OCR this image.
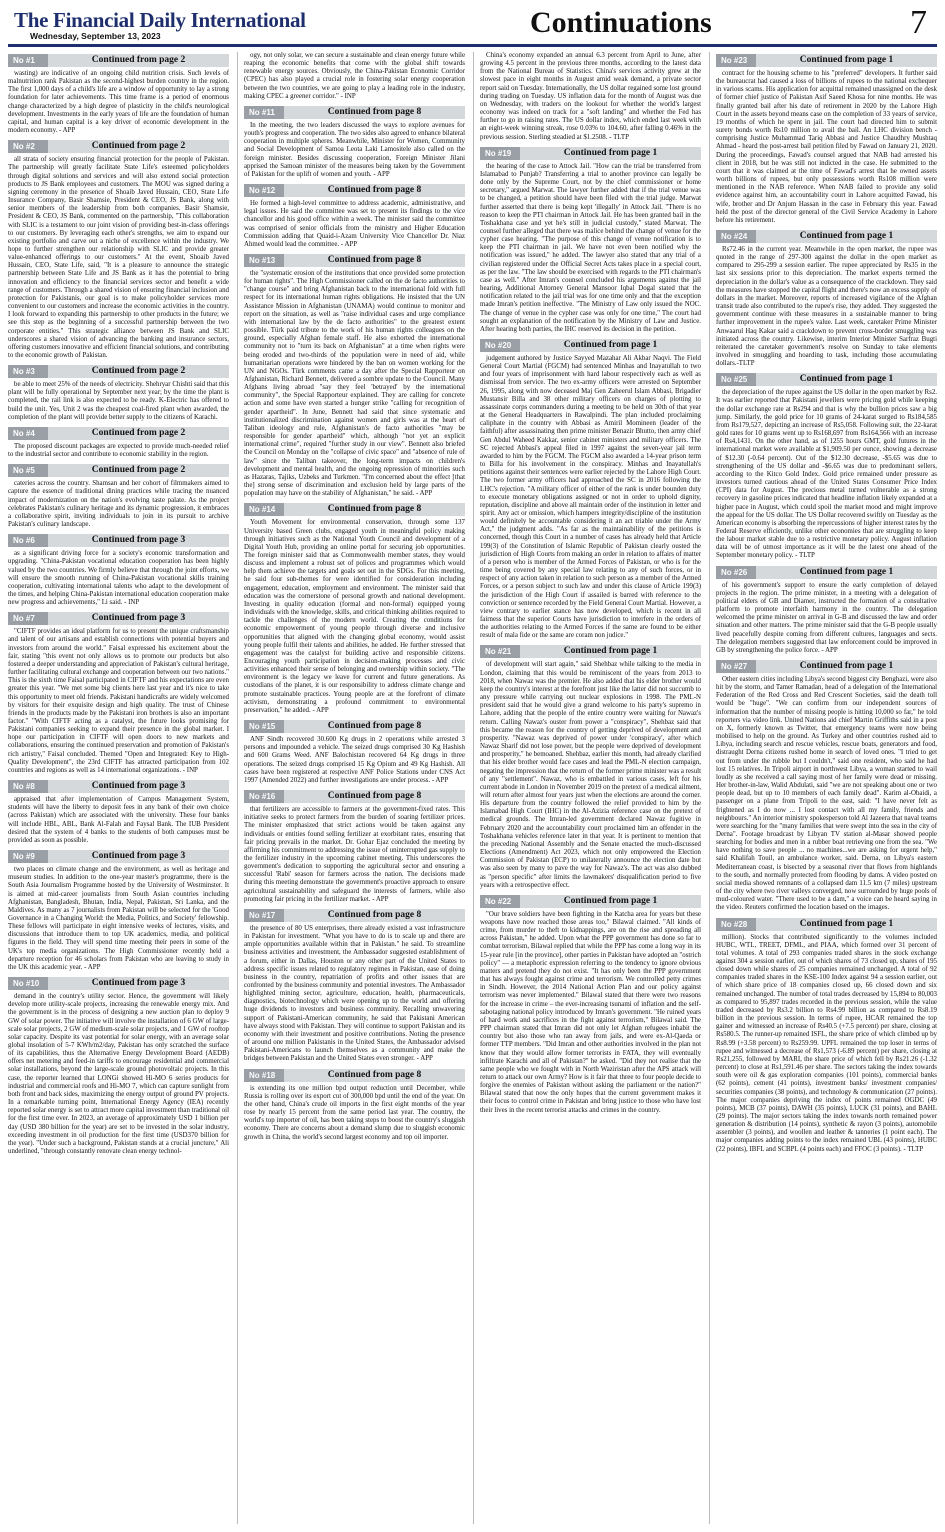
The Financial Daily International
Wednesday, September 13, 2023	Continuations	7
No #1	Continued from page 2

wasting) are indicative of an ongoing child nutrition crisis. Such levels of malnutrition rank Pakistan as the second-highest burden country in the region. The first 1,000 days of a child's life are a window of opportunity to lay a strong foundation for later achievements. This time frame is a period of enormous change characterized by a high degree of plasticity in the child's neurological development. Investments in the early years of life are the foundation of human capital, and human capital is a key driver of economic development in the modern economy. - APP

No #2	Continued from page 2

all strata of society ensuring financial protection for the people of Pakistan. The partnership will greatly facilitate State Life's esteemed policyholders through digital solutions and services and will also extend social protection products to JS Bank employees and customers. The MOU was signed during a signing ceremony in the presence of Shoaib Javed Hussain, CEO, State Life Insurance Company, Basir Shamsie, President & CEO, JS Bank, along with senior members of the leadership from both companies. Basir Shamsie, President & CEO, JS Bank, commented on the partnership, "This collaboration with SLIC is a testament to our joint vision of providing best-in-class offerings to our customers. By leveraging each other's strengths, we aim to expand our existing portfolio and carve out a niche of excellence within the industry. We hope to further strengthen our relationship with SLIC and provide greater value-enhanced offerings to our customers." At the event, Shoaib Javed Hussain, CEO, State Life, said, "It is a pleasure to announce the strategic partnership between State Life and JS Bank as it has the potential to bring innovation and efficiency to the financial services sector and benefit a wide range of customers. Through a shared vision of ensuring financial inclusion and protection for Pakistanis, our goal is to make policyholder services more convenient to our customers and increase the economic activities in the country. I look forward to expanding this partnership to other products in the future; we see this step as the beginning of a successful partnership between the two corporate entities." This strategic alliance between JS Bank and SLIC underscores a shared vision of advancing the banking and insurance sectors, offering customers innovative and efficient financial solutions, and contributing to the economic growth of Pakistan.

No #3	Continued from page 2

be able to meet 25% of the needs of electricity. Shehryar Chishti said that this plant will be fully operational by September next year; by the time the plant is completed, the rail link is also expected to be ready. K-Electric has offered to build the unit. Yes, Unit 2 was the cheapest coal-fired plant when awarded, the completion of the plant will provide better supply to the citizens of Karachi.

No #4	Continued from page 2

The proposed discount packages are expected to provide much-needed relief to the industrial sector and contribute to economic stability in the region.

No #5	Continued from page 2

cateries across the country. Shamsan and her cohort of filmmakers aimed to capture the essence of traditional dining practices while tracing the nuanced impact of modernization on the nation's evolving taste palate. As the project celebrates Pakistan's culinary heritage and its dynamic progression, it embraces a collaborative spirit, inviting individuals to join in its pursuit to archive Pakistan's culinary landscape.

No #6	Continued from page 3

as a significant driving force for a society's economic transformation and upgrading. "China-Pakistan vocational education cooperation has been highly valued by the two countries. We firmly believe that through the joint efforts, we will ensure the smooth running of China-Pakistan vocational skills training cooperation, cultivating international talents who adapt to the development of the times, and helping China-Pakistan international education cooperation make new progress and achievements," Li said. - INP

No #7	Continued from page 3

"CIFTF provides an ideal platform for us to present the unique craftsmanship and talent of our artisans and establish connections with potential buyers and investors from around the world." Faisal expressed his excitement about the fair, stating "this event not only allows us to promote our products but also fostered a deeper understanding and appreciation of Pakistan's cultural heritage, further facilitating cultural exchange and cooperation between our two nations." This is the sixth time Faisal participated in CIFTF and his expectations are even greater this year. "We met some big clients here last year and it's nice to take this opportunity to meet old friends. Pakistani handicrafts are widely welcomed by visitors for their exquisite design and high quality. The trust of Chinese friends in the products made by the Pakistani iron brothers is also an important factor." "With CIFTF acting as a catalyst, the future looks promising for Pakistani companies seeking to expand their presence in the global market. I hope our participation in CIFTF will open doors to new markets and collaborations, ensuring the continued preservation and promotion of Pakistan's rich artistry," Faisal concluded. Themed "Open and Integrated: Key to High-Quality Development", the 23rd CIFTF has attracted participation from 102 countries and regions as well as 14 international organizations. - INP

No #8	Continued from page 3

appraised that after implementation of Campus Management System, students will have the liberty to deposit fees in any bank of their own choice (across Pakistan) which are associated with the university. These four banks will include HBL, ABL, Bank Al-Falah and Faysal Bank. The IUB President desired that the system of 4 banks to the students of both campuses must be provided as soon as possible.

No #9	Continued from page 3

two places on climate change and the environment, as well as heritage and museum studies. In addition to the one-year master's programme, there is the South Asia Journalism Programme hosted by the University of Westminster. It is aimed at mid-career journalists from South Asian countries including Afghanistan, Bangladesh, Bhutan, India, Nepal, Pakistan, Sri Lanka, and the Maldives. As many as 7 journalists from Pakistan will be selected for the 'Good Governance in a Changing World: the Media, Politics, and Society' fellowship. These fellows will participate in eight intensive weeks of lectures, visits, and discussions that introduce them to top UK academics, media, and political figures in the field. They will spend time meeting their peers in some of the UK's top media organizations. The High Commissioner recently held a departure reception for 46 scholars from Pakistan who are leaving to study in the UK this academic year. - APP

No #10	Continued from page 3

demand in the country's utility sector. Hence, the government will likely develop more utility-scale projects, increasing the renewable energy mix. And the government is in the process of designing a new auction plan to deploy 9 GW of solar power. The initiative will involve the installation of 6 GW of large-scale solar projects, 2 GW of medium-scale solar projects, and 1 GW of rooftop solar capacity. Despite its vast potential for solar energy, with an average solar global insolation of 5-7 KWh/m2/day, Pakistan has only scratched the surface of its capabilities, thus the Alternative Energy Development Board (AEDB) offers net metering and feed-in tariffs to encourage residential and commercial solar installations, beyond the large-scale ground photovoltaic projects. In this case, the reporter learned that LONGi showed Hi-MO 6 series products for industrial and commercial roofs and Hi-MO 7, which can capture sunlight from both front and back sides, maximizing the energy output of ground PV projects. In a remarkable turning point, International Energy Agency (IEA) recently reported solar energy is set to attract more capital investment than traditional oil for the first time ever. In 2023, an average of approximately USD 1 billion per day (USD 380 billion for the year) are set to be invested in the solar industry, exceeding investment in oil production for the first time (USD370 billion for the year). "Under such a background, Pakistan stands at a crucial juncture," Ali underlined, "through constantly renovate clean energy technol-

ogy, not only solar, we can secure a sustainable and clean energy future while reaping the economic benefits that come with the global shift towards renewable energy sources. Obviously, the China-Pakistan Economic Corridor (CPEC) has also played a crucial role in fostering solar energy cooperation between the two countries, we are going to play a leading role in the industry, making CPEC a greener corridor." - INP

No #11	Continued from page 8

In the meeting, the two leaders discussed the ways to explore avenues for youth's progress and cooperation. The two sides also agreed to enhance bilateral cooperation in multiple spheres. Meanwhile, Minister for Women, Community and Social Development of Samoa Leota Laki Lamositele also called on the foreign minister. Besides discussing cooperation, Foreign Minister Jilani apprised the Samoan minister of the measures being taken by the Government of Pakistan for the uplift of women and youth. - APP

No #12	Continued from page 8

He formed a high-level committee to address academic, administrative, and legal issues. He said the committee was set to present its findings to the vice chancellor and his good office within a week. The minister said the committee was comprised of senior officials from the ministry and Higher Education Commission adding that Quaid-i-Azam University Vice Chancellor Dr. Niaz Ahmed would lead the committee. - APP

No #13	Continued from page 8

the "systematic erosion of the institutions that once provided some protection for human rights". The High Commissioner called on the de facto authorities to "change course" and bring Afghanistan back to the international fold with full respect for its international human rights obligations. He insisted that the UN Assistance Mission in Afghanistan (UNAMA) would continue to monitor and report on the situation, as well as "raise individual cases and urge compliance with international law by the de facto authorities" to the greatest extent possible. Türk paid tribute to the work of his human rights colleagues on the ground, especially Afghan female staff. He also exhorted the international community not to "turn its back on Afghanistan" at a time when rights were being eroded and two-thirds of the population were in need of aid, while humanitarian operations were hindered by the ban on women working for the UN and NGOs. Türk comments came a day after the Special Rapporteur on Afghanistan, Richard Bennett, delivered a sombre update to the Council. Many Afghans living abroad "say they feel 'betrayed' by the international community", the Special Rapporteur explained. They are calling for concrete action and some have even started a hunger strike "calling for recognition of gender apartheid". In June, Bennett had said that since systematic and institutionalized discrimination against women and girls was at the heart of Taliban ideology and rule, Afghanistan's de facto authorities "may be responsible for gender apartheid" which, although "not yet an explicit international crime", required "further study in our view". Bennett also briefed the Council on Monday on the "collapse of civic space" and "absence of rule of law" since the Taliban takeover, the long-term impacts on children's development and mental health, and the ongoing repression of minorities such as Hazaras, Tajiks, Uzbeks and Turkmen. "I'm concerned about the effect [that the] strong sense of discrimination and exclusion held by large parts of the population may have on the stability of Afghanistan," he said. - APP

No #14	Continued from page 8

Youth Movement for environmental conservation, through some 137 University based Green clubs, engaged youth in meaningful policy making through initiatives such as the National Youth Council and development of a Digital Youth Hub, providing an online portal for securing job opportunities. The foreign minister said that as Commonwealth member states, they would discuss and implement a robust set of polices and programmes which would help them achieve the targets and goals set out in the SDGs. For this meeting, he said four sub-themes for were identified for consideration including engagement, education, employment and environment. The minister said that education was the cornerstone of personal growth and national development. Investing in quality education (formal and non-formal) equipped young individuals with the knowledge, skills, and critical thinking abilities required to tackle the challenges of the modern world. Creating the conditions for economic empowerment of young people through diverse and inclusive opportunities that aligned with the changing global economy, would assist young people fulfil their talents and abilities, he added. He further stressed that engagement was the catalyst for building active and responsible citizens. Encouraging youth participation in decision-making processes and civic activities enhanced their sense of belonging and ownership within society. "The environment is the legacy we leave for current and future generations. As custodians of the planet, it is our responsibility to address climate change and promote sustainable practices. Young people are at the forefront of climate activism, demonstrating a profound commitment to environmental preservation," he added. - APP

No #15	Continued from page 8

ANF Sindh recovered 30.600 Kg drugs in 2 operations while arrested 3 persons and impounded a vehicle. The seized drugs comprised 30 Kg Hashish and 600 Grams Weed. ANF Balochistan recovered 64 Kg drugs in three operations. The seized drugs comprised 15 Kg Opium and 49 Kg Hashish. All cases have been registered at respective ANF Police Stations under CNS Act 1997 (Amended 2022) and further investigations are under process. - APP

No #16	Continued from page 8

that fertilizers are accessible to farmers at the government-fixed rates. This initiative seeks to protect farmers from the burden of soaring fertilizer prices. The minister emphasized that strict actions would be taken against any individuals or entities found selling fertilizer at exorbitant rates, ensuring that fair pricing prevails in the market. Dr. Gohar Ejaz concluded the meeting by affirming his commitment to addressing the issue of uninterrupted gas supply to the fertilizer industry in the upcoming cabinet meeting. This underscores the government's dedication to supporting the agricultural sector and ensuring a successful 'Rabi' season for farmers across the nation. The decisions made during this meeting demonstrate the government's proactive approach to ensure agricultural sustainability and safeguard the interests of farmers, while also promoting fair pricing in the fertilizer market. - APP

No #17	Continued from page 8

the presence of 80 US enterprises, there already existed a vast infrastructure in Pakistan for investment. "What you have to do is to scale up and there are ample opportunities available within that in Pakistan." he said. To streamline business activities and investment, the Ambassador suggested establishment of a forum, either in Dallas, Houston or any other part of the United States to address specific issues related to regulatory regimes in Pakistan, ease of doing business in the country, repatriation of profits and other issues that are confronted by the business community and potential investors. The Ambassador highlighted mining sector, agriculture, education, health, pharmaceuticals, diagnostics, biotechnology which were opening up to the world and offering huge dividends to investors and business community. Recalling unwavering support of Pakistani-American community, he said that Pakistani American have always stood with Pakistan. They will continue to support Pakistan and its economy with their investment and positive contributions. Noting the presence of around one million Pakistanis in the United States, the Ambassador advised Pakistani-Americans to launch themselves as a community and make the bridges between Pakistan and the United States even stronger. - APP

No #18	Continued from page 8

is extending its one million bpd output reduction until December, while Russia is rolling over its export cut of 300,000 bpd until the end of the year. On the other hand, China's crude oil imports in the first eight months of the year rose by nearly 15 percent from the same period last year. The country, the world's top importer of oil, has been taking steps to boost the country's sluggish economy. There are concerns about a demand slump due to sluggish economic growth in China, the world's second largest economy and top oil importer.

China's economy expanded an annual 6.3 percent from April to June, after growing 4.5 percent in the previous three months, according to the latest data from the National Bureau of Statistics. China's services activity grew at the slowest pace in eight months in August amid weak demand, a private sector report said on Tuesday. Internationally, the US dollar regained some lost ground during trading on Tuesday. US inflation data for the month of August was due on Wednesday, with traders on the lookout for whether the world's largest economy was indeed on track for a "soft landing" and whether the Fed has further to go in raising rates. The US dollar index, which ended last week with an eight-week winning streak, rose 0.03% to 104.60, after falling 0.46% in the previous session. Sterling steadied at $1.2508. - TLTP

No #19	Continued from page 1

the hearing of the case to Attock Jail. "How can the trial be transferred from Islamabad to Punjab? Transferring a trial to another province can legally be done only by the Supreme Court, not by the chief commissioner or home secretary," argued Marwat. The lawyer further added that if the trial venue was to be changed, a petition should have been filed with the trial judge. Marwat further asserted that there is being kept 'illegally' in Attock Jail. "There is no reason to keep the PTI chairman in Attock Jail. He has been granted bail in the Toshakhana case and yet he's still in judicial custody," stated Marwat. The counsel further alleged that there was malice behind the change of venue for the cypher case hearing. "The purpose of this change of venue notification is to keep the PTI chairman in jail. We have not even been notified why the notification was issued," he added. The lawyer also stated that any trial of a civilian registered under the Official Secret Acts takes place in a special court, as per the law. "The law should be exercised with regards to the PTI chairman's case as well." After Imran's counsel concluded his arguments against the jail hearing, Additional Attorney General Mansoor Iqbal Dogal stated that the notification related to the jail trial was for one time only and that the exception made Imran's petition ineffective. "The Ministry of Law only issued the NOC. The change of venue in the cypher case was only for one time," The court had sought an explanation of the notification by the Ministry of Law and Justice. After hearing both parties, the IHC reserved its decision in the petition.

No #20	Continued from page 1

judgement authored by Justice Sayyed Mazahar Ali Akbar Naqvi. The Field General Court Martial (FGCM) had sentenced Minhas and Inayatullah to two and four years of imprisonment with hard labour respectively each as well as dismissal from service. The two ex-army officers were arrested on September 26, 1995, along with now deceased Maj Gen Zaheerul Islam Abbasi, Brigadier Mustansir Billa and 38 other military officers on charges of plotting to assassinate corps commanders during a meeting to be held on 30th of that year at the General Headquarters in Rawalpindi. The plan included proclaiming caliphate in the country with Abbasi as Amiril Momineen (leader of the faithful) after assassinating then prime minister Benazir Bhutto, then army chief Gen Abdul Waheed Kakkar, senior cabinet ministers and military officers. The SC rejected Abbasi's appeal filed in 1997 against the seven-year jail term awarded to him by the FGCM. The FGCM also awarded a 14-year prison term to Billa for his involvement in the conspiracy. Minhas and Inayatullah's petitions against their sentences were earlier rejected by the Lahore High Court. The two former army officers had approached the SC in 2016 following the LHC's rejection. "A military officer of either of the rank is under bounden duty to execute monetary obligations assigned or not in order to uphold dignity, reputation, discipline and above all maintain order of the institution in letter and spirit. Any act or omission, which hampers integrity/discipline of the institution would definitely be accountable considering it an act triable under the Army Act," the judgment adds. "As far as the maintainability of the petitions is concerned, though this Court in a number of cases has already held that Article 199(3) of the Constitution of Islamic Republic of Pakistan clearly ousted the jurisdiction of High Courts from making an order in relation to affairs of matter of a person who is member of the Armed Forces of Pakistan, or who is for the time being covered by any special law relating to any of such forces, or in respect of any action taken in relation to such person as a member of the Armed Forces, or a person subject to such law and under this clause of Article 199(3) the jurisdiction of the High Court if assailed is barred with reference to the conviction or sentence recorded by the Field General Court Martial. However, a view contrary to earlier stance has now developed, which is recent in all fairness that the superior Courts have jurisdiction to interfere in the orders of the authorities relating to the Armed Forces if the same are found to be either result of mala fide or the same are coram non judice."

No #21	Continued from page 1

of development will start again," said Shehbaz while talking to the media in London, claiming that this would be reminiscent of the years from 2013 to 2018, when Nawaz was the premier. He also added that his elder brother would keep the country's interest at the forefront just like the latter did not succumb to any pressure while carrying out nuclear explosions in 1998. The PML-N president said that he would give a grand welcome to his party's supremo in Lahore, adding that the people of the entire country were waiting for Nawaz's return. Calling Nawaz's ouster from power a "conspiracy", Shehbaz said that this became the reason for the country of getting deprived of development and prosperity. "Nawaz was deprived of power under 'conspiracy', after which Nawaz Sharif did not lose power, but the people were deprived of development and prosperity," he bemoaned. Shehbaz, earlier this month, had already clarified that his elder brother would face cases and lead the PML-N election campaign, negating the impression that the return of the former prime minister was a result of any "settlement". Nawaz, who is embattled in various cases, left for his current abode in London in November 2019 on the pretext of a medical ailment, will return after almost four years just when the elections are around the corner. His departure from the country followed the relief provided to him by the Islamabad High Court (IHC) in the Al-Azizia reference case on the pretext of medical grounds. The Imran-led government declared Nawaz fugitive in February 2020 and the accountability court proclaimed him an offender in the Toshakhana vehicles reference later in that year. It is pertinent to mention that the preceding National Assembly and the Senate enacted the much-discussed Elections (Amendment) Act 2023, which not only empowered the Election Commission of Pakistan (ECP) to unilaterally announce the election date but was also seen by many to pave the way for Nawaz's. The act was also dubbed as "person specific" after limits the lawmakers' disqualification period to five years with a retrospective effect.

No #22	Continued from page 1

"Our brave soldiers have been fighting in the Katcha area for years but these weapons have now reached those areas too," Bilawal claimed. "All kinds of crime, from murder to theft to kidnappings, are on the rise and spreading all across Pakistan," he added. Upon what the PPP government has done so far to combat terrorism, Bilawal replied that while the PPP has come a long way in its 15-year rule [in the province], other parties in Pakistan have adopted an "ostrich policy" — a metaphoric expression referring to the tendency to ignore obvious matters and pretend they do not exist. "It has only been the PPP government that has always fought against crime and terrorism. We controlled petty crimes in Sindh. However, the 2014 National Action Plan and our policy against terrorism was never implemented." Bilawal stated that there were two reasons for the increase in crime – the ever-increasing tsunami of inflation and the self-sabotaging national policy introduced by Imran's government. "He ruined years of hard work and sacrifices in the fight against terrorism," Bilawal said. The PPP chairman stated that Imran did not only let Afghan refugees inhabit the country but also those who ran away from jails, and were ex-Al-Qaeda or former TTP members. "Did Imran and other authorities involved in the plan not know that they would allow former terrorists in FATA, they will eventually infiltrate Karachi and all of Pakistan?" he asked. "Did they not realise that the same people who we fought with in North Waziristan after the APS attack will return to attack our own Army? How is it fair that three to four people decide to forgive the enemies of Pakistan without asking the parliament or the nation?" Bilawal stated that now the only hopes that the current government makes it their focus to control crime in Pakistan and bring justice to those who have lost their lives in the recent terrorist attacks and crimes in the country.

No #23	Continued from page 1

contract for the housing scheme to his "preferred" developers. It further said the bureaucrat had caused a loss of billions of rupees to the national exchequer in various scams. His application for acquittal remained unassigned on the desk of former chief justice of Pakistan Asif Saeed Khosa for nine months. He was finally granted bail after his date of retirement in 2020 by the Lahore High Court in the assets beyond means case on the completion of 33 years of service, 19 months of which he spent in jail. The court had directed him to submit surety bonds worth Rs10 million to avail the bail. An LHC division bench - comprising Justice Muhammad Tariq Abbasi and Justice Chaudhry Mushtaq Ahmad - heard the post-arrest bail petition filed by Fawad on January 21, 2020. During the proceedings, Fawad's counsel argued that NAB had arrested his client in 2018, but he was still not indicted in the case. He submitted to the court that it was claimed at the time of Fawad's arrest that he owned assets worth billions of rupees, but only possessions worth Rs108 million were mentioned in the NAB reference. When NAB failed to provide any solid evidence against him, an accountability court in Lahore acquitted Fawad, his wife, brother and Dr Anjum Hassan in the case in February this year. Fawad held the post of the director general of the Civil Service Academy in Lahore before his retirement.

No #24	Continued from page 1

Rs72.46 in the current year. Meanwhile in the open market, the rupee was quoted in the range of 297-300 against the dollar in the open market as compared to 295-299 a session earlier. The rupee appreciated by Rs35 in the last six sessions prior to this depreciation. The market experts termed the depreciation in the dollar's value as a consequence of the crackdown. They said the measures have stopped the capital flight and there's now an excess supply of dollars in the market. Moreover, reports of increased vigilance of the Afghan transit trade also contributed to the rupee's rise, they added. They suggested the government continue with these measures in a sustainable manner to bring further improvement in the rupee's value. Last week, caretaker Prime Minister Anwaarul Haq Kakar said a crackdown to prevent cross-border smuggling was initiated across the country. Likewise, interim Interior Minister Sarfraz Bugti reiterated the caretaker government's resolve on Sunday to take elements involved in smuggling and hoarding to task, including those accumulating dollars.-TLTP

No #25	Continued from page 1

the depreciation of the rupee against the US dollar in the open market by Rs2. It was earlier reported that Pakistani jewellers were pricing gold while keeping the dollar exchange rate at Rs294 and that is why the bullion prices saw a big jump. Similarly, the gold price for 10 grams of 24-karat surged to Rs184,585 from Rs179,527, depicting an increase of Rs5,058. Following suit, the 22-karat gold rates for 10 grams went up to Rs168,697 from Rs164,566 with an increase of Rs4,1431. On the other hand, as of 1255 hours GMT, gold futures in the international market were available at $1,909.50 per ounce, showing a decrease of $12.30 (-0.64 percent). Out of the $12.30 decrease, -$5.65 was due to strengthening of the US dollar and -$6.65 was due to predominant sellers, according to the Kitco Gold Index. Gold price remained under pressure as investors turned cautious ahead of the United States Consumer Price Index (CPI) data for August. The precious metal turned vulnerable as a strong recovery in gasoline prices indicated that headline inflation likely expanded at a higher pace in August, which could spoil the market mood and might improve the appeal for the US dollar. The US Dollar recovered swiftly on Tuesday as the American economy is absorbing the repercussions of higher interest rates by the Federal Reserve efficiently, unlike other economies that are struggling to keep the labour market stable due to a restrictive monetary policy. August inflation data will be of utmost importance as it will be the latest one ahead of the September monetary policy. - TLTP

No #26	Continued from page 1

of his government's support to ensure the early completion of delayed projects in the region. The prime minister, in a meeting with a delegation of political elders of GB and Diamer, instructed the formation of a consultative platform to promote interfaith harmony in the country. The delegation welcomed the prime minister on arrival in G-B and discussed the law and order situation and other matters. The prime minister said that the G-B people usually lived peacefully despite coming from different cultures, languages and sects. The delegation members suggested that law enforcement could be improved in GB by strengthening the police force. - APP

No #27	Continued from page 1

Other eastern cities including Libya's second biggest city Benghazi, were also hit by the storm, and Tamer Ramadan, head of a delegation of the International Federation of the Red Cross and Red Crescent Societies, said the death toll would be "huge". "We can confirm from our independent sources of information that the number of missing people is hitting 10,000 so far," he told reporters via video link. United Nations aid chief Martin Griffiths said in a post on X, formerly known as Twitter, that emergency teams were now being mobilised to help on the ground. As Turkey and other countries rushed aid to Libya, including search and rescue vehicles, rescue boats, generators and food, distraught Derna citizens rushed home in search of loved ones. "I tried to get out from under the rubble but I couldn't," said one resident, who said he had lost 15 relatives. In Tripoli airport in northwest Libya, a woman started to wail loudly as she received a call saying most of her family were dead or missing. Her brother-in-law, Walid Abdulati, said "we are not speaking about one or two people dead, but up to 10 members of each family dead". Karim al-Obaidi, a passenger on a plane from Tripoli to the east, said: "I have never felt as frightened as I do now ... I lost contact with all my family, friends and neighbours." An interior ministry spokesperson told Al Jazeera that naval teams were searching for the "many families that were swept into the sea in the city of Derna". Footage broadcast by Libyan TV station al-Masar showed people searching for bodies and men in a rubber boat retrieving one from the sea. "We have nothing to save people ... no machines...we are asking for urgent help," said Khalifah Touil, an ambulance worker, said. Derna, on Libya's eastern Mediterranean coast, is bisected by a seasonal river that flows from highlands to the south, and normally protected from flooding by dams. A video posted on social media showed remnants of a collapsed dam 11.5 km (7 miles) upstream of the city where two river valleys converged, now surrounded by huge pools of mud-coloured water. "There used to be a dam," a voice can be heard saying in the video. Reuters confirmed the location based on the images.

No #28	Continued from page 1

million). Stocks that contributed significantly to the volumes included HUBC, WTL, TREET, DFML, and PIAA, which formed over 31 percent of total volumes. A total of 293 companies traded shares in the stock exchange against 304 a session earlier, out of which shares of 73 closed up, shares of 195 closed down while shares of 25 companies remained unchanged. A total of 92 companies traded shares in the KSE-100 Index against 94 a session earlier, out of which share price of 18 companies closed up, 66 closed down and six remained unchanged. The number of total trades decreased by 15,894 to 80,003 as compared to 95,897 trades recorded in the previous session, while the value traded decreased by Rs3.2 billion to Rs4.99 billion as compared to Rs8.19 billion in the previous session. In terms of rupee, HCAR remained the top gainer and witnessed an increase of Rs40.5 (+7.5 percent) per share, closing at Rs580.5. The runner-up remained ISFL, the share price of which climbed up by Rs8.99 (+3.58 percent) to Rs259.99. UPFL remained the top loser in terms of rupee and witnessed a decrease of Rs1,573 (-6.89 percent) per share, closing at Rs21,255, followed by MARI, the share price of which fell by Rs21.26 (-1.32 percent) to close at Rs1,591.46 per share. The sectors taking the index towards south were oil & gas exploration companies (101 points), commercial banks (62 points), cement (41 points), investment banks/ investment companies/ securities companies (38 points), and technology & communication (27 points). The major companies depriving the index of points remained OGDC (49 points), MCB (37 points), DAWH (35 points), LUCK (31 points), and BAHL (29 points). The major sectors taking the index towards north remained power generation & distribution (14 points), synthetic & rayon (3 points), automobile assembler (3 points), and woollen and leather & tanneries (1 point each). The major companies adding points to the index remained UBL (43 points), HUBC (22 points), IBFL and SCBPL (4 points each) and FFOC (3 points). - TLTP
